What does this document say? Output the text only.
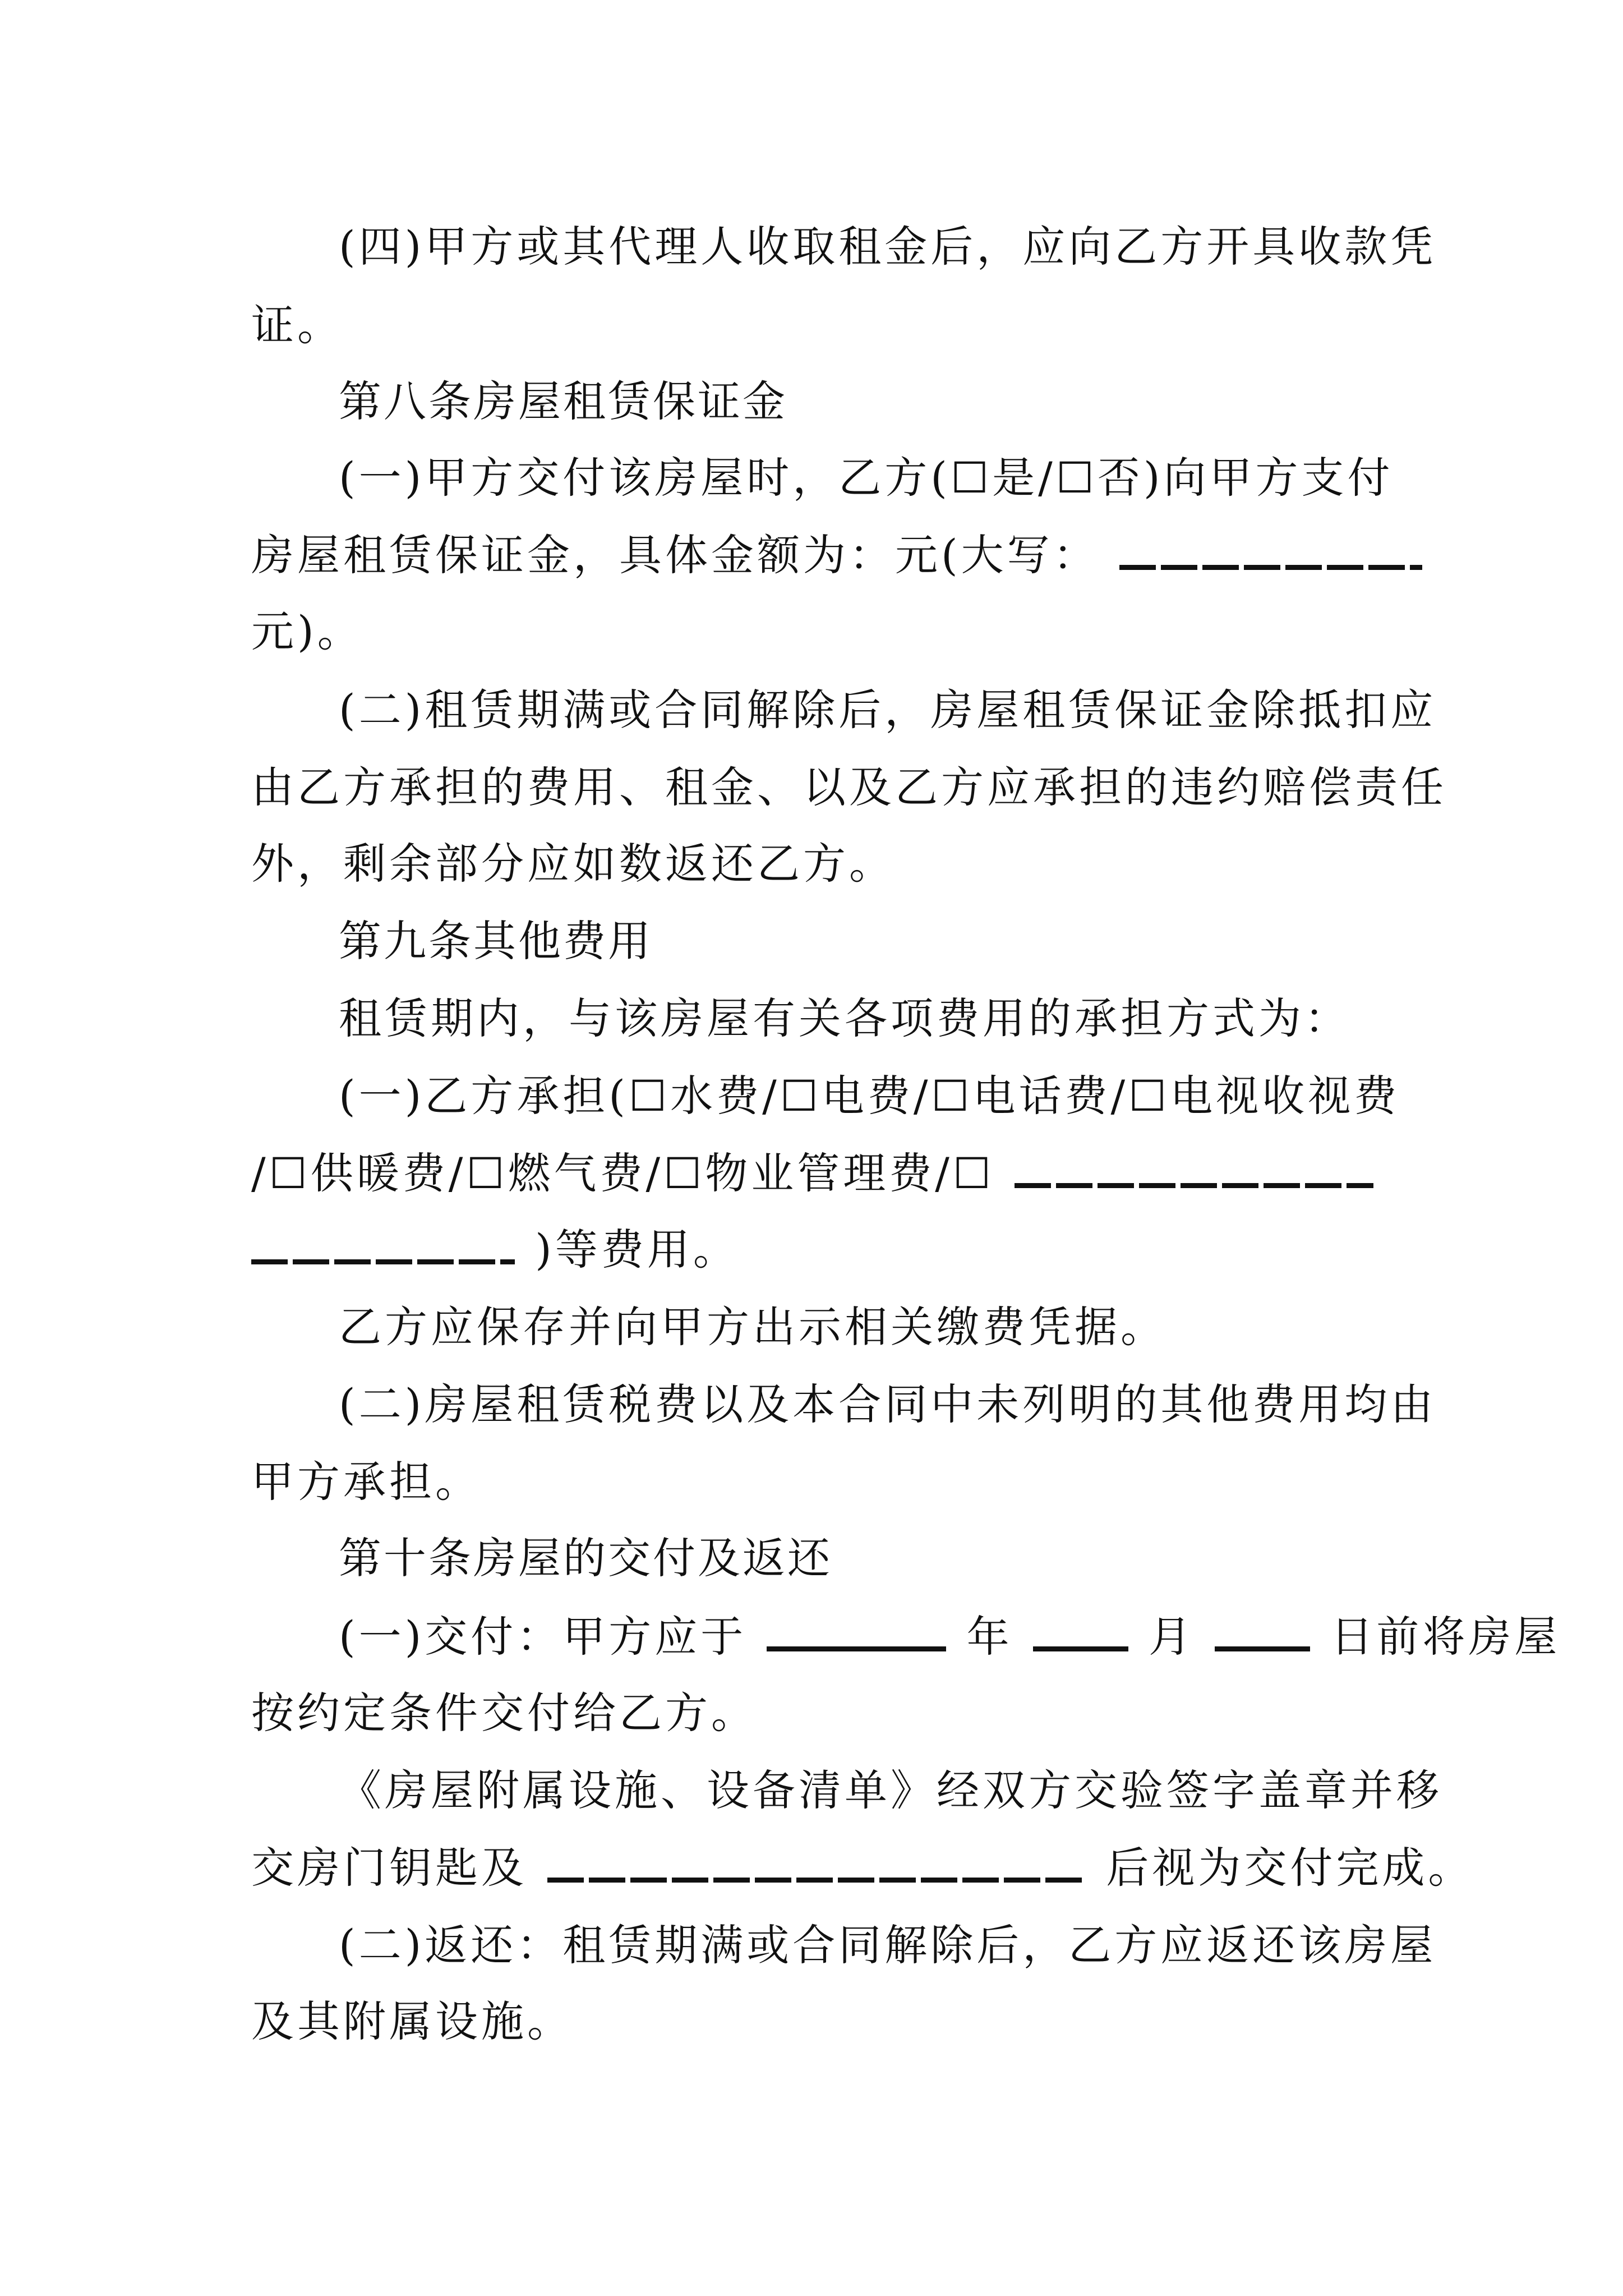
(四)甲方或其代理人收取租金后，应向乙方开具收款凭
证。
第八条房屋租赁保证金
(一)甲方交付该房屋时，乙方(☐是/☐否)向甲方支付
房屋租赁保证金，具体金额为：元(大写：
元)。
(二)租赁期满或合同解除后，房屋租赁保证金除抵扣应
由乙方承担的费用、租金、以及乙方应承担的违约赔偿责任
外，剩余部分应如数返还乙方。
第九条其他费用
租赁期内，与该房屋有关各项费用的承担方式为：
(一)乙方承担(☐水费/☐电费/☐电话费/☐电视收视费
/☐供暖费/☐燃气费/☐物业管理费/☐
)等费用。
乙方应保存并向甲方出示相关缴费凭据。
(二)房屋租赁税费以及本合同中未列明的其他费用均由
甲方承担。
第十条房屋的交付及返还
(一)交付：甲方应于	年	月	日前将房屋
按约定条件交付给乙方。
《房屋附属设施、设备清单》经双方交验签字盖章并移
交房门钥匙及	后视为交付完成。
(二)返还：租赁期满或合同解除后，乙方应返还该房屋
及其附属设施。
